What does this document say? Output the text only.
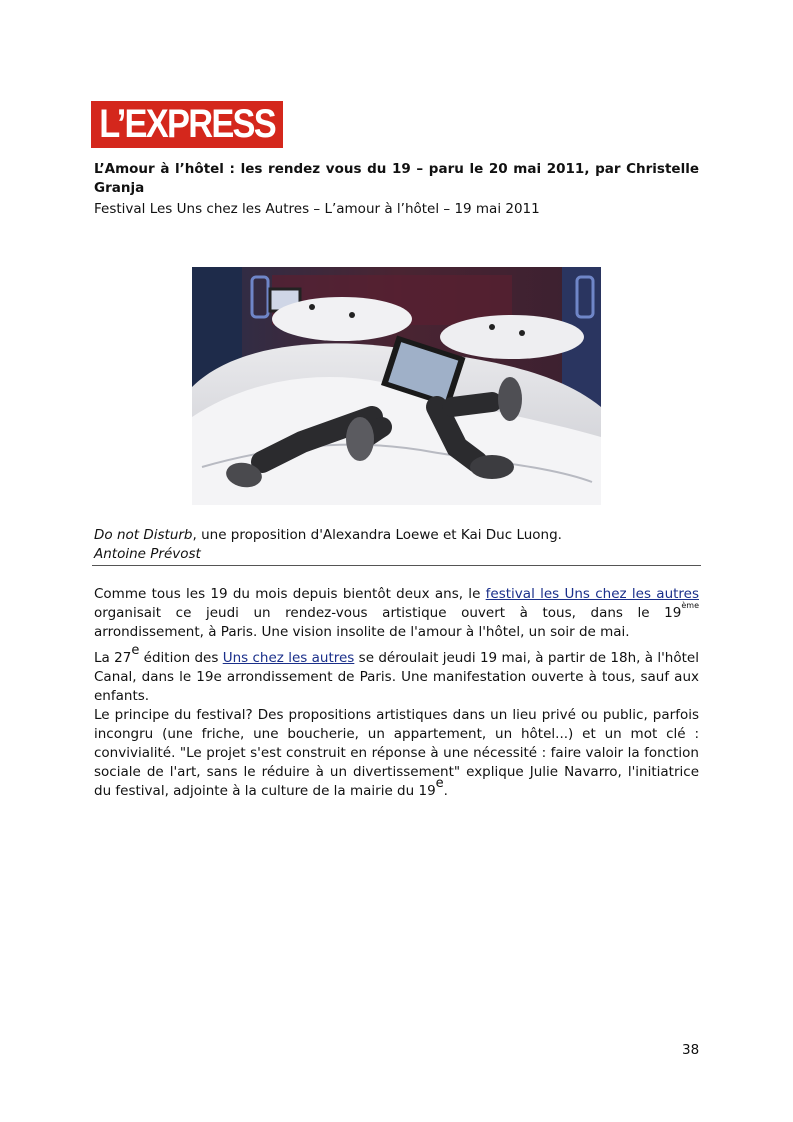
L’EXPRESS
L’Amour à l’hôtel : les rendez vous du 19 – paru le 20 mai 2011, par Christelle Granja
Festival Les Uns chez les Autres – L’amour à l’hôtel – 19 mai 2011
Do not Disturb, une proposition d'Alexandra Loewe et Kai Duc Luong.
Antoine Prévost
Comme tous les 19 du mois depuis bientôt deux ans, le festival les Uns chez les autres organisait ce jeudi un rendez-vous artistique ouvert à tous, dans le 19ème arrondissement, à Paris. Une vision insolite de l'amour à l'hôtel, un soir de mai.
La 27e édition des Uns chez les autres se déroulait jeudi 19 mai, à partir de 18h, à l'hôtel Canal, dans le 19e arrondissement de Paris. Une manifestation ouverte à tous, sauf aux enfants.
Le principe du festival? Des propositions artistiques dans un lieu privé ou public, parfois incongru (une friche, une boucherie, un appartement, un hôtel...) et un mot clé : convivialité. "Le projet s'est construit en réponse à une nécessité : faire valoir la fonction sociale de l'art, sans le réduire à un divertissement" explique Julie Navarro, l'initiatrice du festival, adjointe à la culture de la mairie du 19e.
38
